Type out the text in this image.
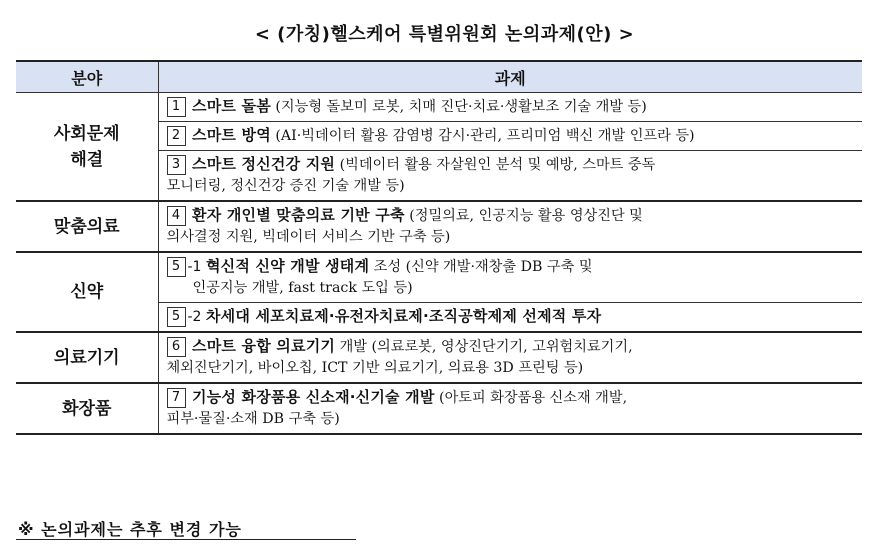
< (가칭)헬스케어 특별위원회 논의과제(안) >
분야	과제

사회문제
해결	1 스마트 돌봄 (지능형 돌보미 로봇, 치매 진단·치료·생활보조 기술 개발 등)

	2 스마트 방역 (AI·빅데이터 활용 감염병 감시·관리, 프리미엄 백신 개발 인프라 등)

	3 스마트 정신건강 지원 (빅데이터 활용 자살원인 분석 및 예방, 스마트 중독
모니터링, 정신건강 증진 기술 개발 등)

맞춤의료	4 환자 개인별 맞춤의료 기반 구축 (정밀의료, 인공지능 활용 영상진단 및
의사결정 지원, 빅데이터 서비스 기반 구축 등)

신약	5 -1 혁신적 신약 개발 생태계 조성 (신약 개발·재창출 DB 구축 및
인공지능 개발, fast track 도입 등)

	5 -2 차세대 세포치료제·유전자치료제·조직공학제제 선제적 투자

의료기기	6 스마트 융합 의료기기 개발 (의료로봇, 영상진단기기, 고위험치료기기,
체외진단기기, 바이오칩, ICT 기반 의료기기, 의료용 3D 프린팅 등)

화장품	7 기능성 화장품용 신소재·신기술 개발 (아토피 화장품용 신소재 개발,
피부·물질·소재 DB 구축 등)
※ 논의과제는 추후 변경 가능
